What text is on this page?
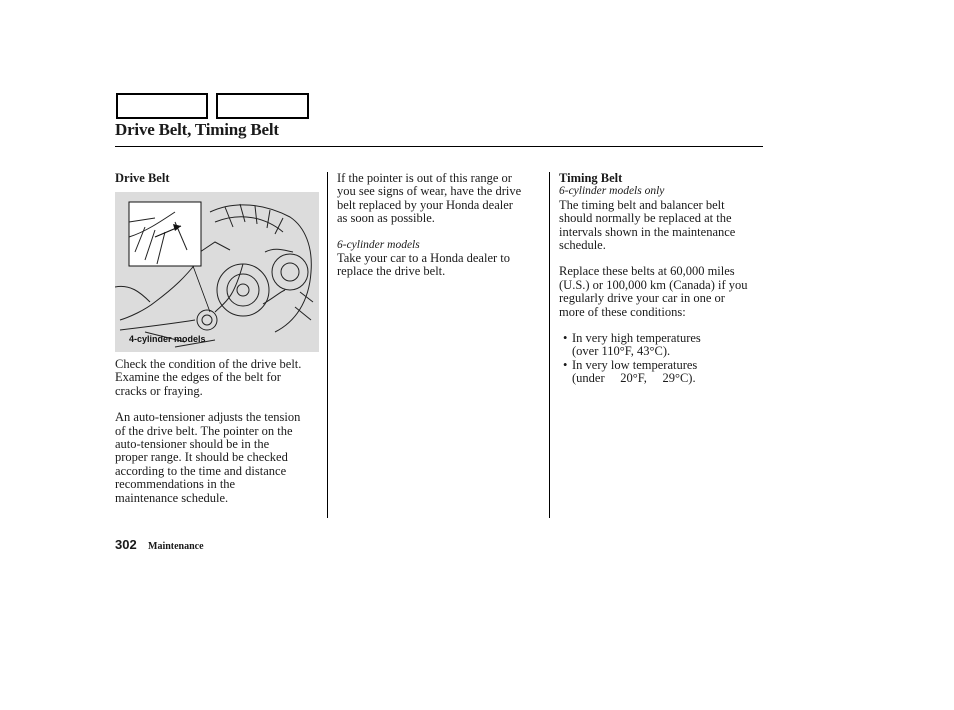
Drive Belt, Timing Belt
Drive Belt
4-cylinder models

Check the condition of the drive belt.
Examine the edges of the belt for
cracks or fraying.

An auto-tensioner adjusts the tension
of the drive belt. The pointer on the
auto-tensioner should be in the
proper range. It should be checked
according to the time and distance
recommendations in the
maintenance schedule.

If the pointer is out of this range or
you see signs of wear, have the drive
belt replaced by your Honda dealer
as soon as possible.

6-cylinder models

Take your car to a Honda dealer to
replace the drive belt.

Timing Belt
6-cylinder models only

The timing belt and balancer belt
should normally be replaced at the
intervals shown in the maintenance
schedule.

Replace these belts at 60,000 miles
(U.S.) or 100,000 km (Canada) if you
regularly drive your car in one or
more of these conditions:

• In very high temperatures
(over 110°F, 43°C).
• In very low temperatures
(under     20°F,     29°C).
302 Maintenance
